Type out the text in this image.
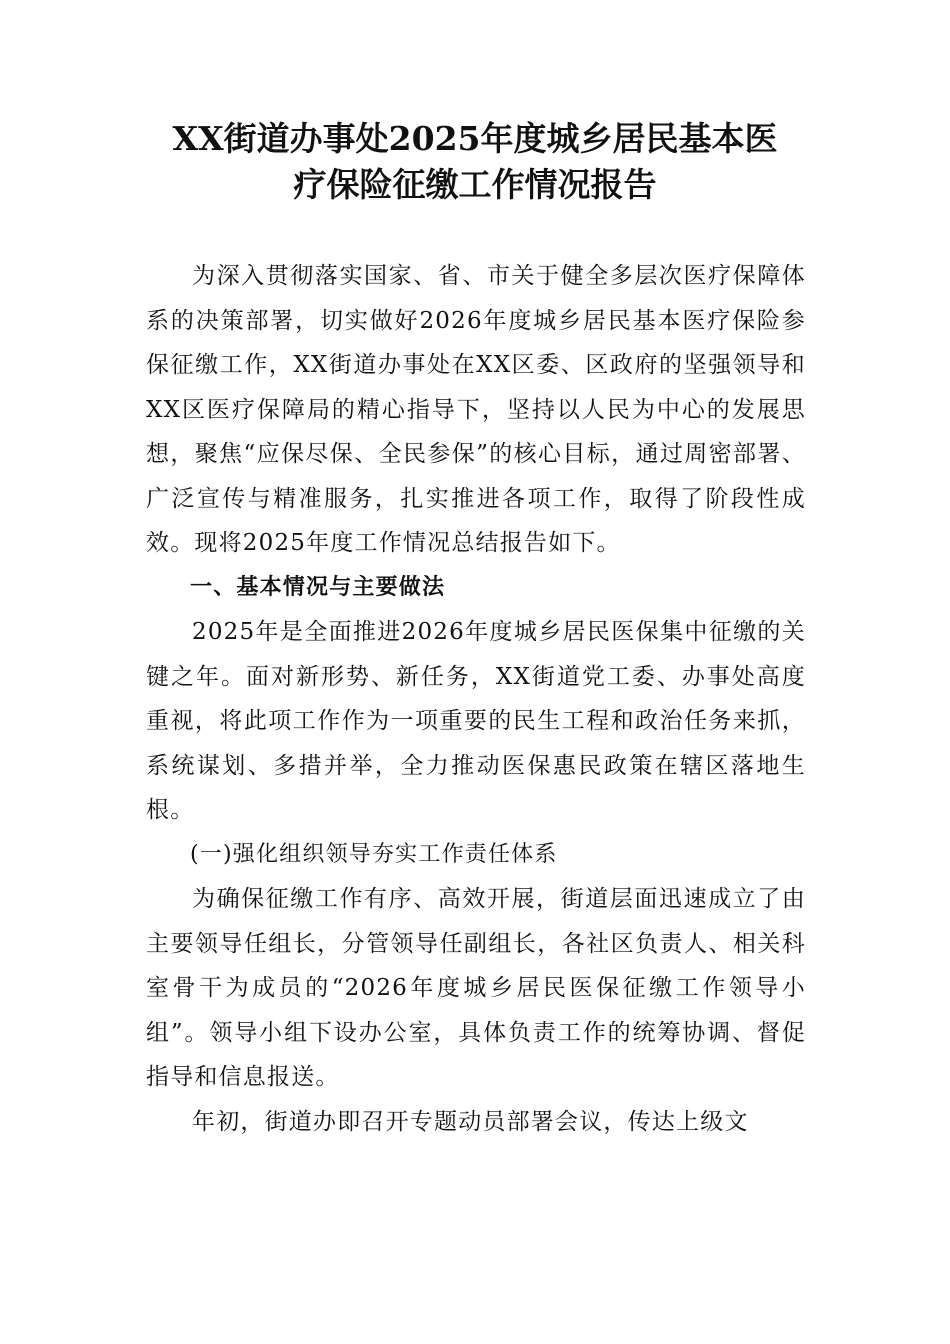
XX街道办事处2025年度城乡居民基本医
疗保险征缴工作情况报告

为深入贯彻落实国家、省、市关于健全多层次医疗保障体系的决策部署，切实做好2026年度城乡居民基本医疗保险参保征缴工作，XX街道办事处在XX区委、区政府的坚强领导和XX区医疗保障局的精心指导下，坚持以人民为中心的发展思想，聚焦“应保尽保、全民参保”的核心目标，通过周密部署、广泛宣传与精准服务，扎实推进各项工作，取得了阶段性成效。现将2025年度工作情况总结报告如下。

一、基本情况与主要做法

2025年是全面推进2026年度城乡居民医保集中征缴的关键之年。面对新形势、新任务，XX街道党工委、办事处高度重视，将此项工作作为一项重要的民生工程和政治任务来抓，系统谋划、多措并举，全力推动医保惠民政策在辖区落地生根。

(一)强化组织领导夯实工作责任体系

为确保征缴工作有序、高效开展，街道层面迅速成立了由主要领导任组长，分管领导任副组长，各社区负责人、相关科室骨干为成员的“2026年度城乡居民医保征缴工作领导小组”。领导小组下设办公室，具体负责工作的统筹协调、督促指导和信息报送。

年初，街道办即召开专题动员部署会议，传达上级文
